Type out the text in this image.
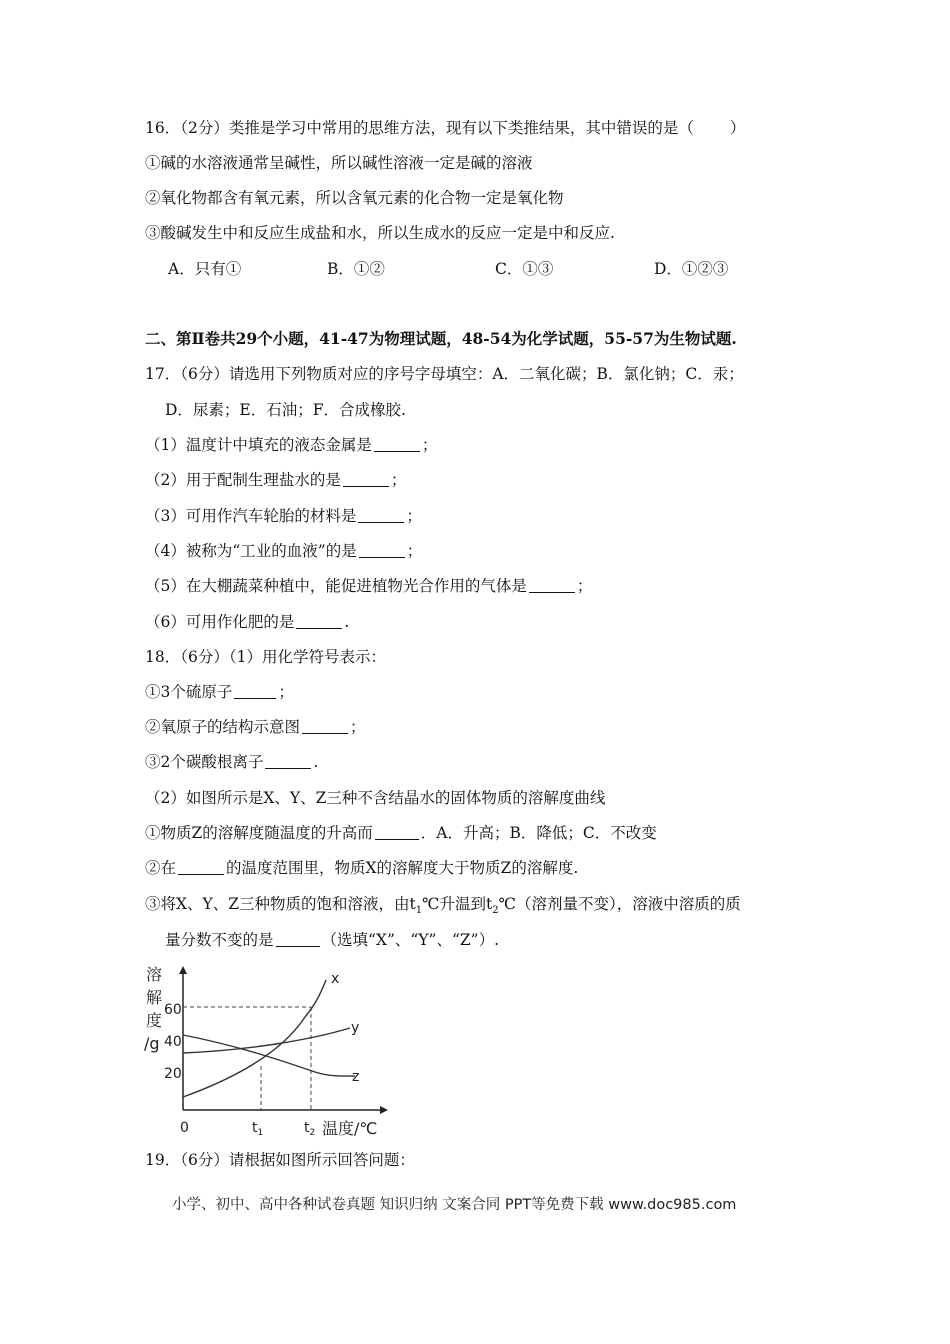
16．（2分）类推是学习中常用的思维方法，现有以下类推结果，其中错误的是（ ）
①碱的水溶液通常呈碱性，所以碱性溶液一定是碱的溶液
②氧化物都含有氧元素，所以含氧元素的化合物一定是氧化物
③酸碱发生中和反应生成盐和水，所以生成水的反应一定是中和反应.
A．只有①	B．①②	C．①③	D．①②③
二、第Ⅱ卷共29个小题，41-47为物理试题，48-54为化学试题，55-57为生物试题.
17．（6分）请选用下列物质对应的序号字母填空：A．二氧化碳；B．氯化钠；C．汞；
D．尿素；E．石油；F．合成橡胶.
（1）温度计中填充的液态金属是	；
（2）用于配制生理盐水的是	；
（3）可用作汽车轮胎的材料是	；
（4）被称为“工业的血液”的是	；
（5）在大棚蔬菜种植中，能促进植物光合作用的气体是	；
（6）可用作化肥的是	.
18．（6分）（1）用化学符号表示：
①3个硫原子	；
②氧原子的结构示意图	；
③2个碳酸根离子	.
（2）如图所示是X、Y、Z三种不含结晶水的固体物质的溶解度曲线
①物质Z的溶解度随温度的升高而	．A．升高；B．降低；C．不改变
②在	的温度范围里，物质X的溶解度大于物质Z的溶解度.
③将X、Y、Z三种物质的饱和溶液，由$t_1℃$升温到$t_2℃$（溶剂量不变），溶液中溶质的质
量分数不变的是	（选填“X”、“Y”、“Z”）.
溶
解
度
/g
60
40
20
x
y
z
0	$t_1$	$t_2$ 温度/℃
19．（6分）请根据如图所示回答问题：
小学、初中、高中各种试卷真题 知识归纳 文案合同 PPT等免费下载 www.doc985.com
